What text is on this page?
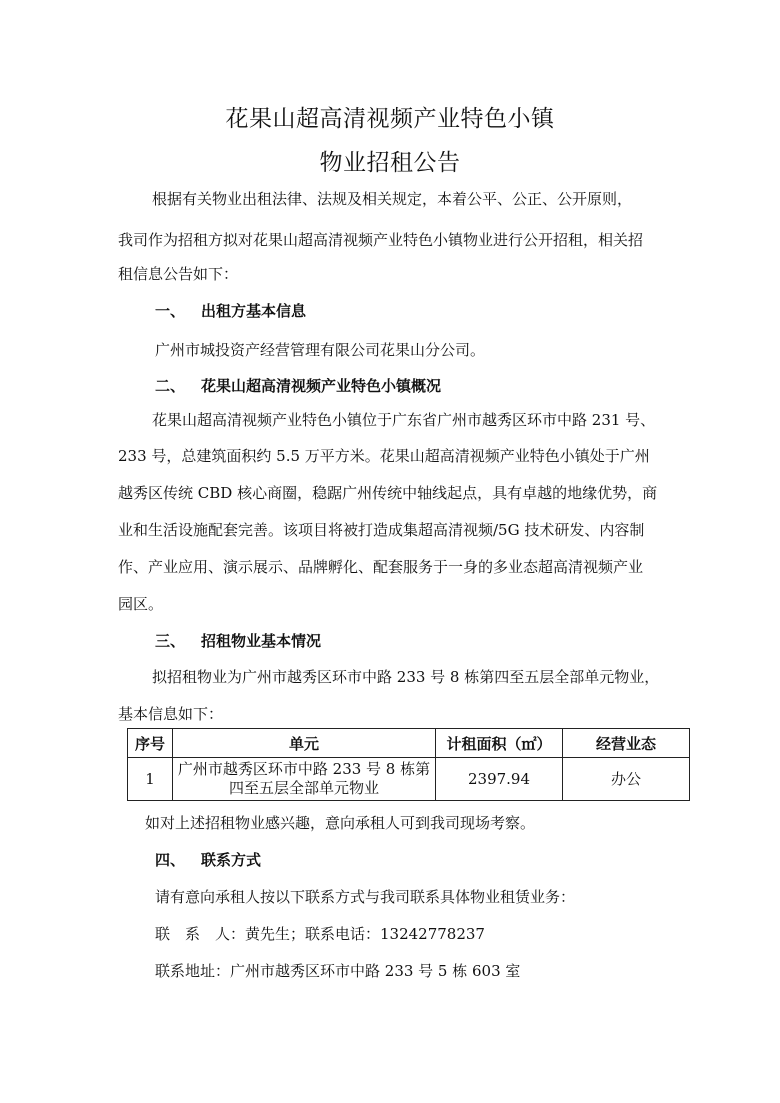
花果山超高清视频产业特色小镇
物业招租公告
根据有关物业出租法律、法规及相关规定，本着公平、公正、公开原则，
我司作为招租方拟对花果山超高清视频产业特色小镇物业进行公开招租，相关招
租信息公告如下：
一、 出租方基本信息
广州市城投资产经营管理有限公司花果山分公司。
二、 花果山超高清视频产业特色小镇概况
花果山超高清视频产业特色小镇位于广东省广州市越秀区环市中路 231 号、
233 号，总建筑面积约 5.5 万平方米。花果山超高清视频产业特色小镇处于广州
越秀区传统 CBD 核心商圈，稳踞广州传统中轴线起点，具有卓越的地缘优势，商
业和生活设施配套完善。该项目将被打造成集超高清视频/5G 技术研发、内容制
作、产业应用、演示展示、品牌孵化、配套服务于一身的多业态超高清视频产业
园区。
三、 招租物业基本情况
拟招租物业为广州市越秀区环市中路 233 号 8 栋第四至五层全部单元物业，
基本信息如下：
序号	单元	计租面积（㎡）	经营业态
1	广州市越秀区环市中路 233 号 8 栋第
四至五层全部单元物业	2397.94	办公
如对上述招租物业感兴趣，意向承租人可到我司现场考察。
四、 联系方式
请有意向承租人按以下联系方式与我司联系具体物业租赁业务：
联　系　人：黄先生；联系电话：13242778237
联系地址：广州市越秀区环市中路 233 号 5 栋 603 室
